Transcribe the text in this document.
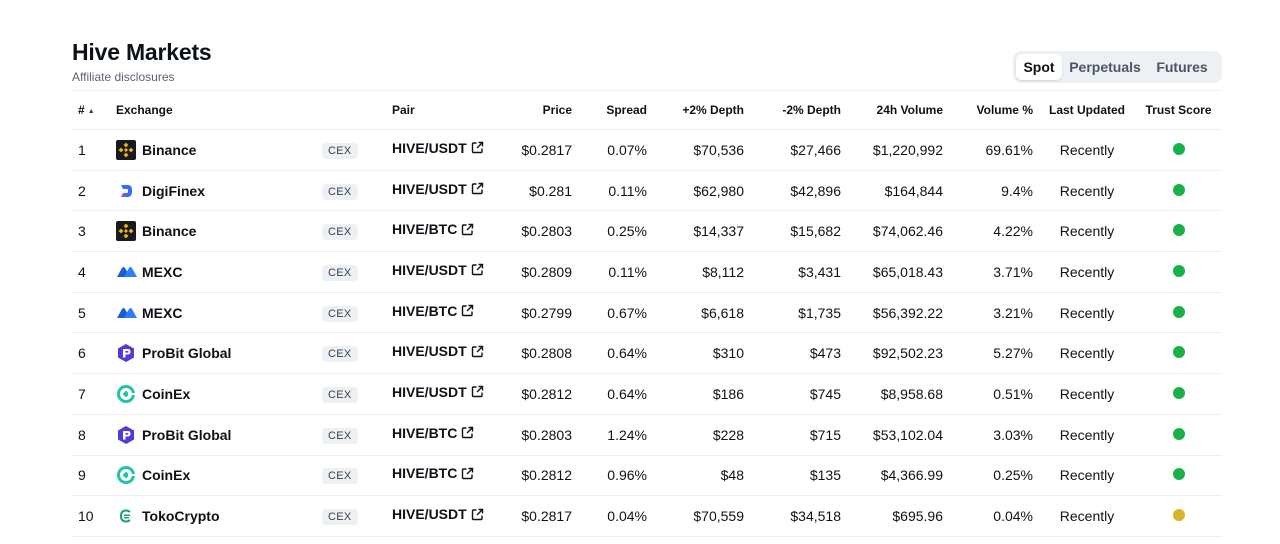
Hive Markets
Affiliate disclosures
Spot	Perpetuals	Futures
# ▲	Exchange		Pair	Price	Spread	+2% Depth	-2% Depth	24h Volume	Volume %	Last Updated	Trust Score
1	Binance	CEX	HIVE/USDT	$0.2817	0.07%	$70,536	$27,466	$1,220,992	69.61%	Recently	
2	DigiFinex	CEX	HIVE/USDT	$0.281	0.11%	$62,980	$42,896	$164,844	9.4%	Recently	
3	Binance	CEX	HIVE/BTC	$0.2803	0.25%	$14,337	$15,682	$74,062.46	4.22%	Recently	
4	MEXC	CEX	HIVE/USDT	$0.2809	0.11%	$8,112	$3,431	$65,018.43	3.71%	Recently	
5	MEXC	CEX	HIVE/BTC	$0.2799	0.67%	$6,618	$1,735	$56,392.22	3.21%	Recently	
6	ProBit Global	CEX	HIVE/USDT	$0.2808	0.64%	$310	$473	$92,502.23	5.27%	Recently	
7	CoinEx	CEX	HIVE/USDT	$0.2812	0.64%	$186	$745	$8,958.68	0.51%	Recently	
8	ProBit Global	CEX	HIVE/BTC	$0.2803	1.24%	$228	$715	$53,102.04	3.03%	Recently	
9	CoinEx	CEX	HIVE/BTC	$0.2812	0.96%	$48	$135	$4,366.99	0.25%	Recently	
10	TokoCrypto	CEX	HIVE/USDT	$0.2817	0.04%	$70,559	$34,518	$695.96	0.04%	Recently	
